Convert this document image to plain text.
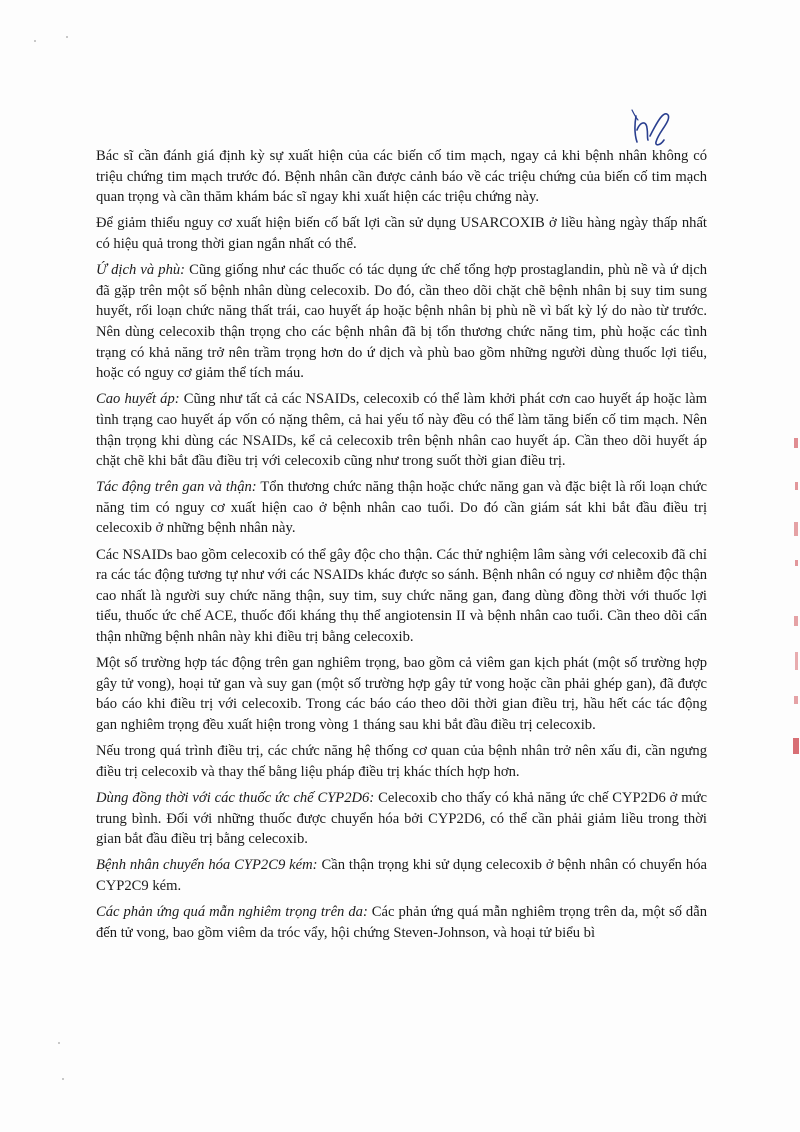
Bác sĩ cần đánh giá định kỳ sự xuất hiện của các biến cố tim mạch, ngay cả khi bệnh nhân không có triệu chứng tim mạch trước đó. Bệnh nhân cần được cảnh báo về các triệu chứng của biến cố tim mạch quan trọng và cần thăm khám bác sĩ ngay khi xuất hiện các triệu chứng này.

Để giảm thiểu nguy cơ xuất hiện biến cố bất lợi cần sử dụng USARCOXIB ở liều hàng ngày thấp nhất có hiệu quả trong thời gian ngắn nhất có thể.

Ứ dịch và phù: Cũng giống như các thuốc có tác dụng ức chế tổng hợp prostaglandin, phù nề và ứ dịch đã gặp trên một số bệnh nhân dùng celecoxib. Do đó, cần theo dõi chặt chẽ bệnh nhân bị suy tim sung huyết, rối loạn chức năng thất trái, cao huyết áp hoặc bệnh nhân bị phù nề vì bất kỳ lý do nào từ trước. Nên dùng celecoxib thận trọng cho các bệnh nhân đã bị tổn thương chức năng tim, phù hoặc các tình trạng có khả năng trở nên trầm trọng hơn do ứ dịch và phù bao gồm những người dùng thuốc lợi tiểu, hoặc có nguy cơ giảm thể tích máu.

Cao huyết áp: Cũng như tất cả các NSAIDs, celecoxib có thể làm khởi phát cơn cao huyết áp hoặc làm tình trạng cao huyết áp vốn có nặng thêm, cả hai yếu tố này đều có thể làm tăng biến cố tim mạch. Nên thận trọng khi dùng các NSAIDs, kể cả celecoxib trên bệnh nhân cao huyết áp. Cần theo dõi huyết áp chặt chẽ khi bắt đầu điều trị với celecoxib cũng như trong suốt thời gian điều trị.

Tác động trên gan và thận: Tổn thương chức năng thận hoặc chức năng gan và đặc biệt là rối loạn chức năng tim có nguy cơ xuất hiện cao ở bệnh nhân cao tuổi. Do đó cần giám sát khi bắt đầu điều trị celecoxib ở những bệnh nhân này.

Các NSAIDs bao gồm celecoxib có thể gây độc cho thận. Các thử nghiệm lâm sàng với celecoxib đã chỉ ra các tác động tương tự như với các NSAIDs khác được so sánh. Bệnh nhân có nguy cơ nhiễm độc thận cao nhất là người suy chức năng thận, suy tim, suy chức năng gan, đang dùng đồng thời với thuốc lợi tiểu, thuốc ức chế ACE, thuốc đối kháng thụ thể angiotensin II và bệnh nhân cao tuổi. Cần theo dõi cẩn thận những bệnh nhân này khi điều trị bằng celecoxib.

Một số trường hợp tác động trên gan nghiêm trọng, bao gồm cả viêm gan kịch phát (một số trường hợp gây tử vong), hoại tử gan và suy gan (một số trường hợp gây tử vong hoặc cần phải ghép gan), đã được báo cáo khi điều trị với celecoxib. Trong các báo cáo theo dõi thời gian điều trị, hầu hết các tác động gan nghiêm trọng đều xuất hiện trong vòng 1 tháng sau khi bắt đầu điều trị celecoxib.

Nếu trong quá trình điều trị, các chức năng hệ thống cơ quan của bệnh nhân trở nên xấu đi, cần ngưng điều trị celecoxib và thay thế bằng liệu pháp điều trị khác thích hợp hơn.

Dùng đồng thời với các thuốc ức chế CYP2D6: Celecoxib cho thấy có khả năng ức chế CYP2D6 ở mức trung bình. Đối với những thuốc được chuyển hóa bởi CYP2D6, có thể cần phải giảm liều trong thời gian bắt đầu điều trị bằng celecoxib.

Bệnh nhân chuyển hóa CYP2C9 kém: Cần thận trọng khi sử dụng celecoxib ở bệnh nhân có chuyển hóa CYP2C9 kém.

Các phản ứng quá mẫn nghiêm trọng trên da: Các phản ứng quá mẫn nghiêm trọng trên da, một số dẫn đến tử vong, bao gồm viêm da tróc vẩy, hội chứng Steven-Johnson, và hoại tử biểu bì
